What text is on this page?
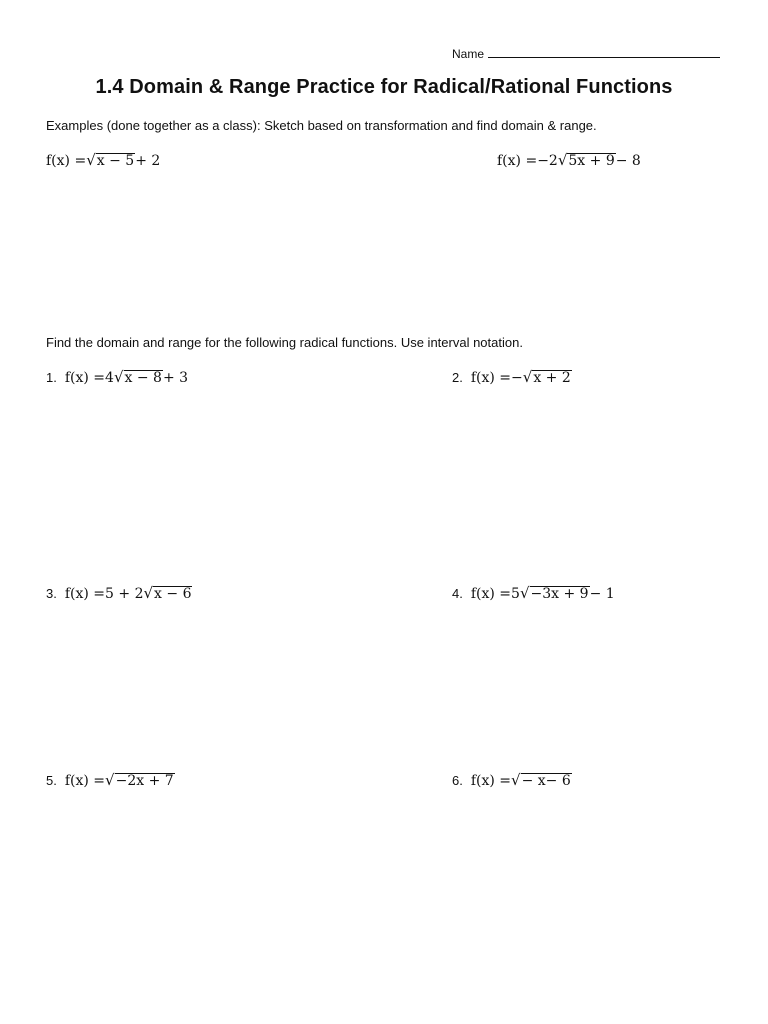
Name
1.4 Domain & Range Practice for Radical/Rational Functions
Examples (done together as a class): Sketch based on transformation and find domain & range.
f(x) = √ x − 5 + 2	f(x) = −2 √ 5x + 9 − 8
Find the domain and range for the following radical functions. Use interval notation.
1. f(x) = 4 √ x − 8 + 3	2. f(x) = − √ x + 2
3. f(x) = 5 + 2 √ x − 6	4. f(x) = 5 √ −3x + 9 − 1
5. f(x) = √ −2x + 7	6. f(x) = √ − x− 6
